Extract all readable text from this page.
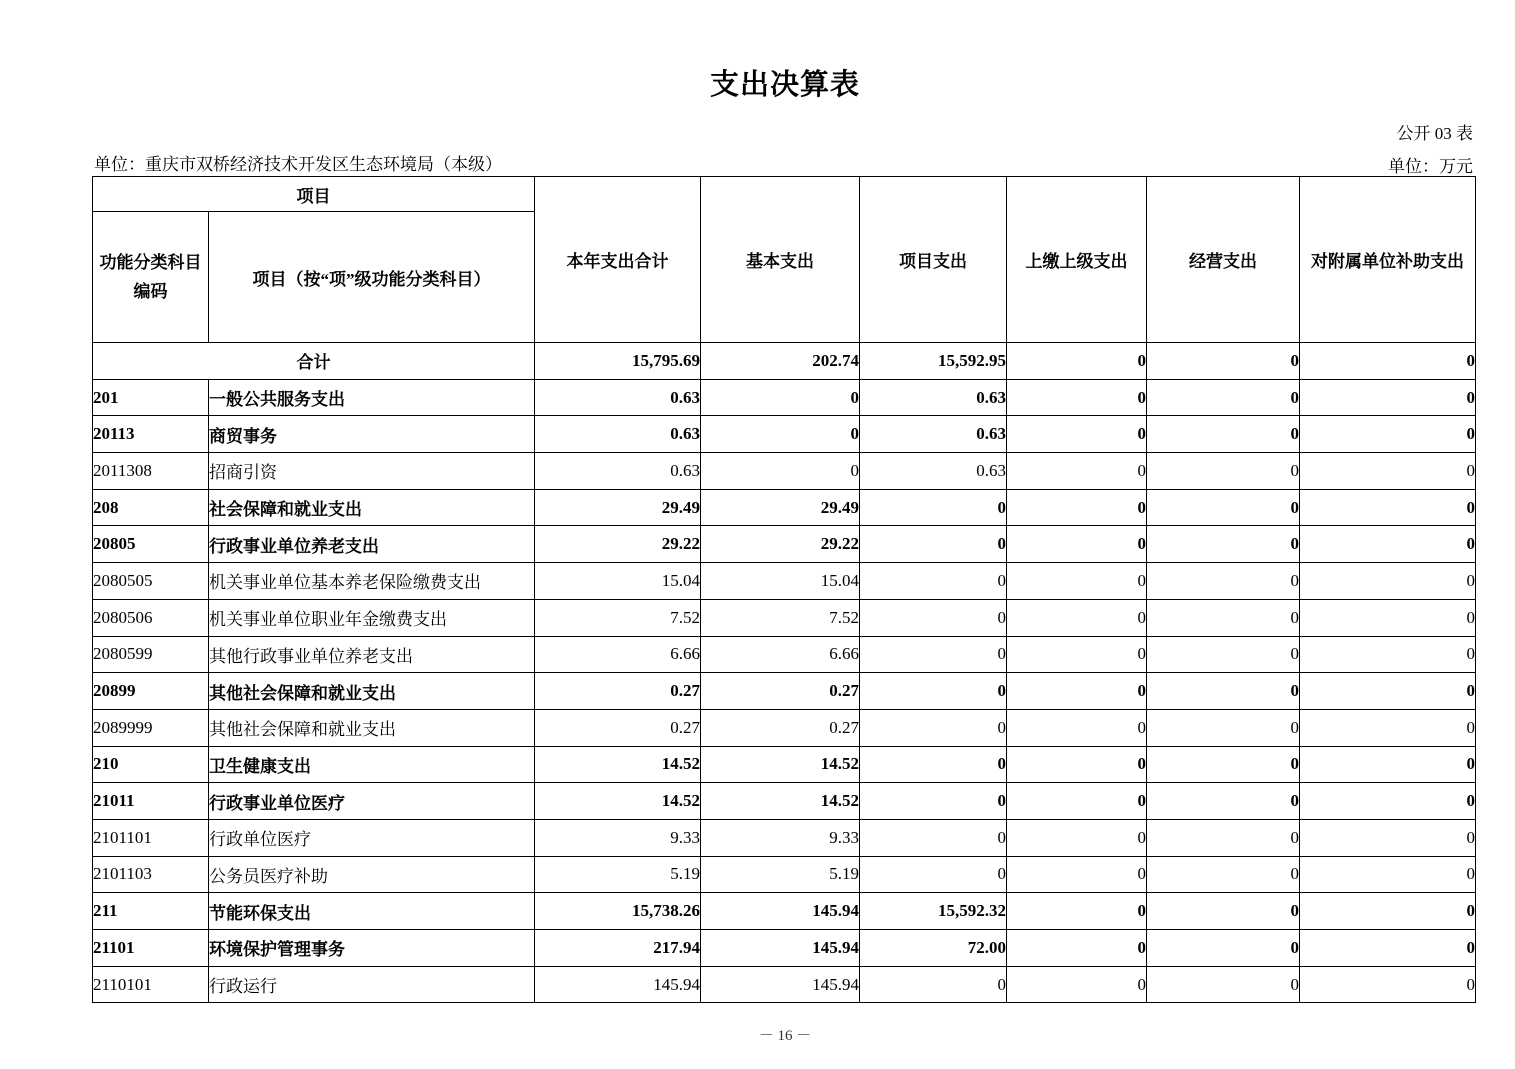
支出决算表
公开 03 表
单位：重庆市双桥经济技术开发区生态环境局（本级）	单位：万元
项目		本年支出合计	基本支出	项目支出	上缴上级支出	经营支出	对附属单位补助支出
功能分类科目编码	项目（按“项”级功能分类科目）						
合计		15,795.69	202.74	15,592.95	0	0	0
201	一般公共服务支出	0.63	0	0.63	0	0	0
20113	商贸事务	0.63	0	0.63	0	0	0
2011308	招商引资	0.63	0	0.63	0	0	0
208	社会保障和就业支出	29.49	29.49	0	0	0	0
20805	行政事业单位养老支出	29.22	29.22	0	0	0	0
2080505	机关事业单位基本养老保险缴费支出	15.04	15.04	0	0	0	0
2080506	机关事业单位职业年金缴费支出	7.52	7.52	0	0	0	0
2080599	其他行政事业单位养老支出	6.66	6.66	0	0	0	0
20899	其他社会保障和就业支出	0.27	0.27	0	0	0	0
2089999	其他社会保障和就业支出	0.27	0.27	0	0	0	0
210	卫生健康支出	14.52	14.52	0	0	0	0
21011	行政事业单位医疗	14.52	14.52	0	0	0	0
2101101	行政单位医疗	9.33	9.33	0	0	0	0
2101103	公务员医疗补助	5.19	5.19	0	0	0	0
211	节能环保支出	15,738.26	145.94	15,592.32	0	0	0
21101	环境保护管理事务	217.94	145.94	72.00	0	0	0
2110101	行政运行	145.94	145.94	0	0	0	0
－ 16 －
